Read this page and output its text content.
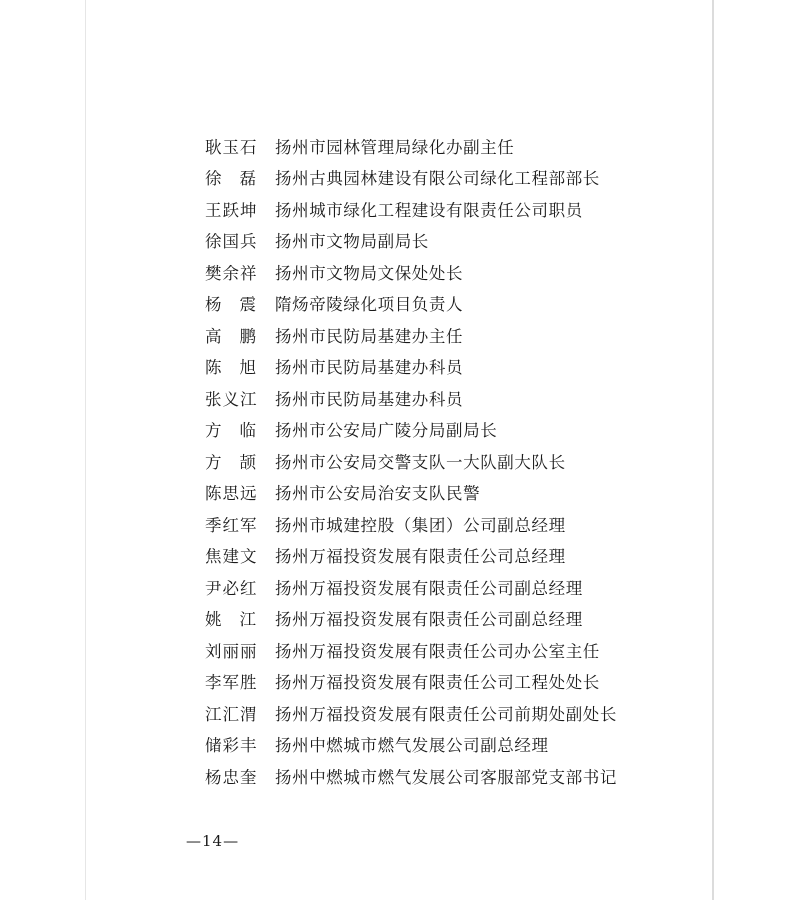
耿玉石	扬州市园林管理局绿化办副主任
徐磊 扬州古典园林建设有限公司绿化工程部部长
王跃坤	扬州城市绿化工程建设有限责任公司职员
徐国兵	扬州市文物局副局长
樊余祥	扬州市文物局文保处处长
杨震 隋炀帝陵绿化项目负责人
高鹏 扬州市民防局基建办主任
陈旭 扬州市民防局基建办科员
张义江	扬州市民防局基建办科员
方临 扬州市公安局广陵分局副局长
方颉 扬州市公安局交警支队一大队副大队长
陈思远	扬州市公安局治安支队民警
季红军	扬州市城建控股（集团）公司副总经理
焦建文	扬州万福投资发展有限责任公司总经理
尹必红	扬州万福投资发展有限责任公司副总经理
姚江 扬州万福投资发展有限责任公司副总经理
刘丽丽	扬州万福投资发展有限责任公司办公室主任
李军胜	扬州万福投资发展有限责任公司工程处处长
江汇渭	扬州万福投资发展有限责任公司前期处副处长
储彩丰	扬州中燃城市燃气发展公司副总经理
杨忠奎	扬州中燃城市燃气发展公司客服部党支部书记
—14—
